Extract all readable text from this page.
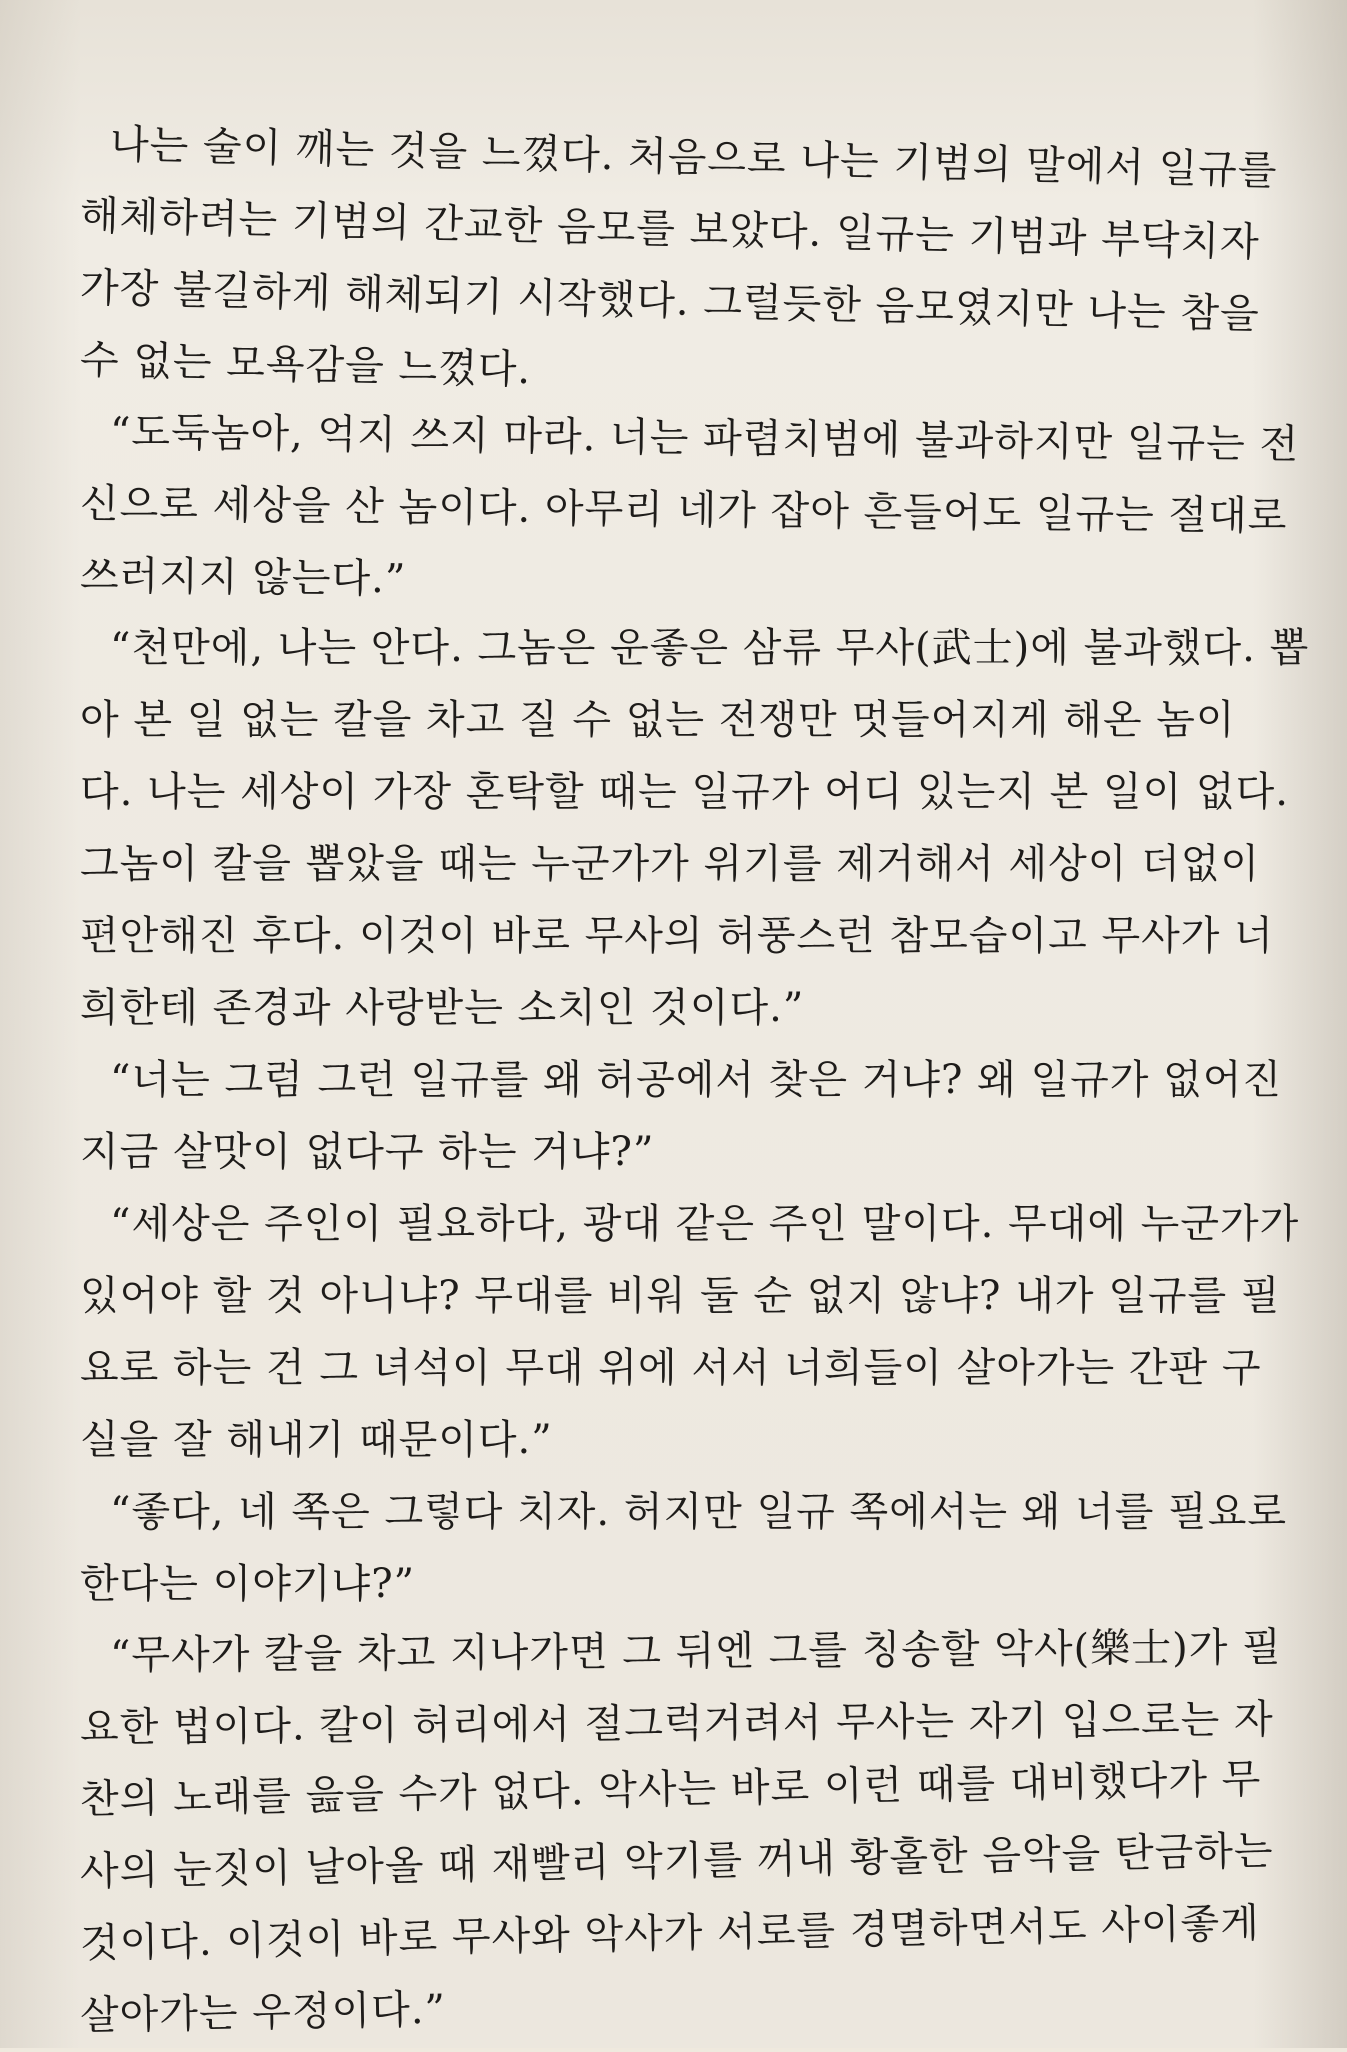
나는 술이 깨는 것을 느꼈다. 처음으로 나는 기범의 말에서 일규를
해체하려는 기범의 간교한 음모를 보았다. 일규는 기범과 부닥치자
가장 불길하게 해체되기 시작했다. 그럴듯한 음모였지만 나는 참을
수 없는 모욕감을 느꼈다.
“도둑놈아, 억지 쓰지 마라. 너는 파렴치범에 불과하지만 일규는 전
신으로 세상을 산 놈이다. 아무리 네가 잡아 흔들어도 일규는 절대로
쓰러지지 않는다.”
“천만에, 나는 안다. 그놈은 운좋은 삼류 무사(武士)에 불과했다. 뽑
아 본 일 없는 칼을 차고 질 수 없는 전쟁만 멋들어지게 해온 놈이
다. 나는 세상이 가장 혼탁할 때는 일규가 어디 있는지 본 일이 없다.
그놈이 칼을 뽑았을 때는 누군가가 위기를 제거해서 세상이 더없이
편안해진 후다. 이것이 바로 무사의 허풍스런 참모습이고 무사가 너
희한테 존경과 사랑받는 소치인 것이다.”
“너는 그럼 그런 일규를 왜 허공에서 찾은 거냐? 왜 일규가 없어진
지금 살맛이 없다구 하는 거냐?”
“세상은 주인이 필요하다, 광대 같은 주인 말이다. 무대에 누군가가
있어야 할 것 아니냐? 무대를 비워 둘 순 없지 않냐? 내가 일규를 필
요로 하는 건 그 녀석이 무대 위에 서서 너희들이 살아가는 간판 구
실을 잘 해내기 때문이다.”
“좋다, 네 쪽은 그렇다 치자. 허지만 일규 쪽에서는 왜 너를 필요로
한다는 이야기냐?”
“무사가 칼을 차고 지나가면 그 뒤엔 그를 칭송할 악사(樂士)가 필
요한 법이다. 칼이 허리에서 절그럭거려서 무사는 자기 입으로는 자
찬의 노래를 읊을 수가 없다. 악사는 바로 이런 때를 대비했다가 무
사의 눈짓이 날아올 때 재빨리 악기를 꺼내 황홀한 음악을 탄금하는
것이다. 이것이 바로 무사와 악사가 서로를 경멸하면서도 사이좋게
살아가는 우정이다.”
